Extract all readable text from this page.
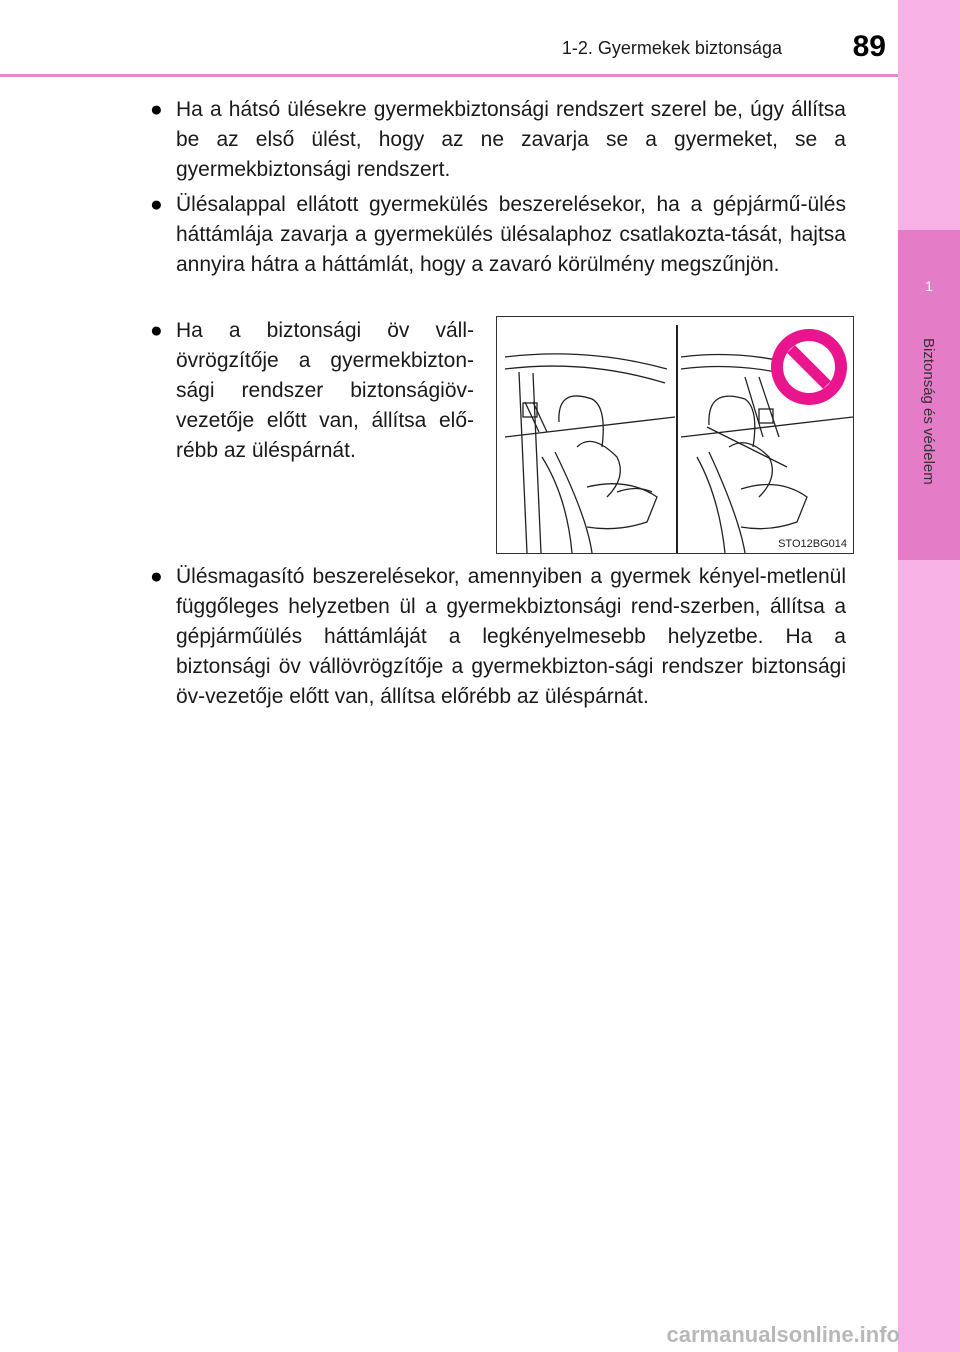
1
Biztonság és védelem
1-2. Gyermekek biztonsága	89
● Ha a hátsó ülésekre gyermekbiztonsági rendszert szerel be, úgy állítsa be az első ülést, hogy az ne zavarja se a gyermeket, se a gyermekbiztonsági rendszert.
● Ülésalappal ellátott gyermekülés beszerelésekor, ha a gépjármű-ülés háttámlája zavarja a gyermekülés ülésalaphoz csatlakozta-tását, hajtsa annyira hátra a háttámlát, hogy a zavaró körülmény megszűnjön.
● Ha a biztonsági öv váll-övrögzítője a gyermekbizton-sági rendszer biztonságiöv-vezetője előtt van, állítsa elő-rébb az üléspárnát.
STO12BG014
● Ülésmagasító beszerelésekor, amennyiben a gyermek kényel-metlenül függőleges helyzetben ül a gyermekbiztonsági rend-szerben, állítsa a gépjárműülés háttámláját a legkényelmesebb helyzetbe. Ha a biztonsági öv vállövrögzítője a gyermekbizton-sági rendszer biztonsági öv-vezetője előtt van, állítsa előrébb az üléspárnát.
carmanualsonline.info
